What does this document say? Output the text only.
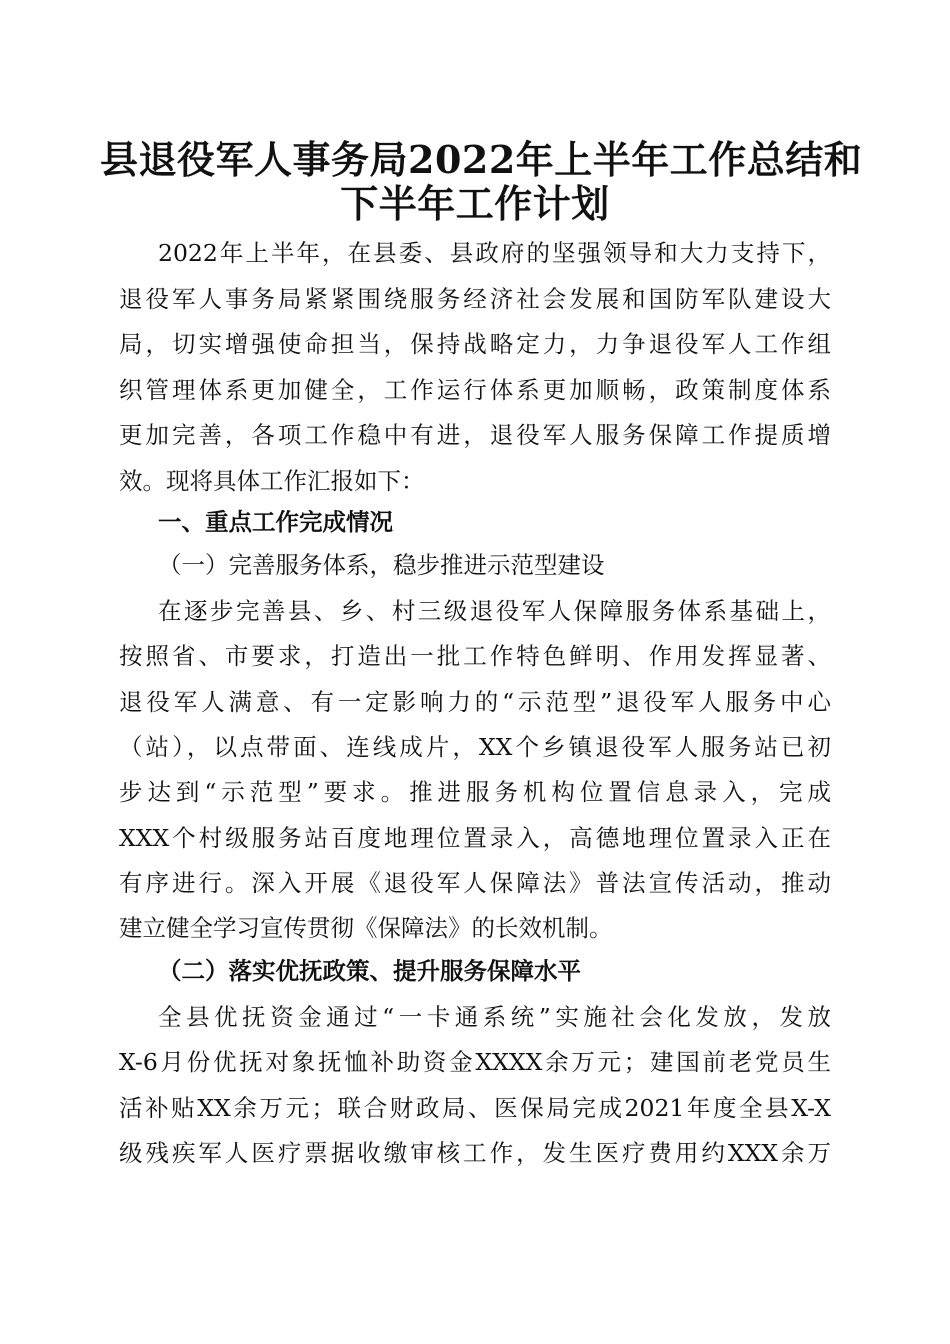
县退役军人事务局2022年上半年工作总结和
下半年工作计划

2022年上半年，在县委、县政府的坚强领导和大力支持下，

退役军人事务局紧紧围绕服务经济社会发展和国防军队建设大

局，切实增强使命担当，保持战略定力，力争退役军人工作组

织管理体系更加健全，工作运行体系更加顺畅，政策制度体系

更加完善，各项工作稳中有进，退役军人服务保障工作提质增

效。现将具体工作汇报如下：

一、重点工作完成情况

（一）完善服务体系，稳步推进示范型建设

在逐步完善县、乡、村三级退役军人保障服务体系基础上，

按照省、市要求，打造出一批工作特色鲜明、作用发挥显著、

退役军人满意、有一定影响力的“示范型”退役军人服务中心

（站），以点带面、连线成片，XX个乡镇退役军人服务站已初

步达到“示范型”要求。推进服务机构位置信息录入，完成

XXX个村级服务站百度地理位置录入，高德地理位置录入正在

有序进行。深入开展《退役军人保障法》普法宣传活动，推动

建立健全学习宣传贯彻《保障法》的长效机制。

（二）落实优抚政策、提升服务保障水平

全县优抚资金通过“一卡通系统”实施社会化发放，发放

X-6月份优抚对象抚恤补助资金XXXX余万元；建国前老党员生

活补贴XX余万元；联合财政局、医保局完成2021年度全县X-X

级残疾军人医疗票据收缴审核工作，发生医疗费用约XXX余万
